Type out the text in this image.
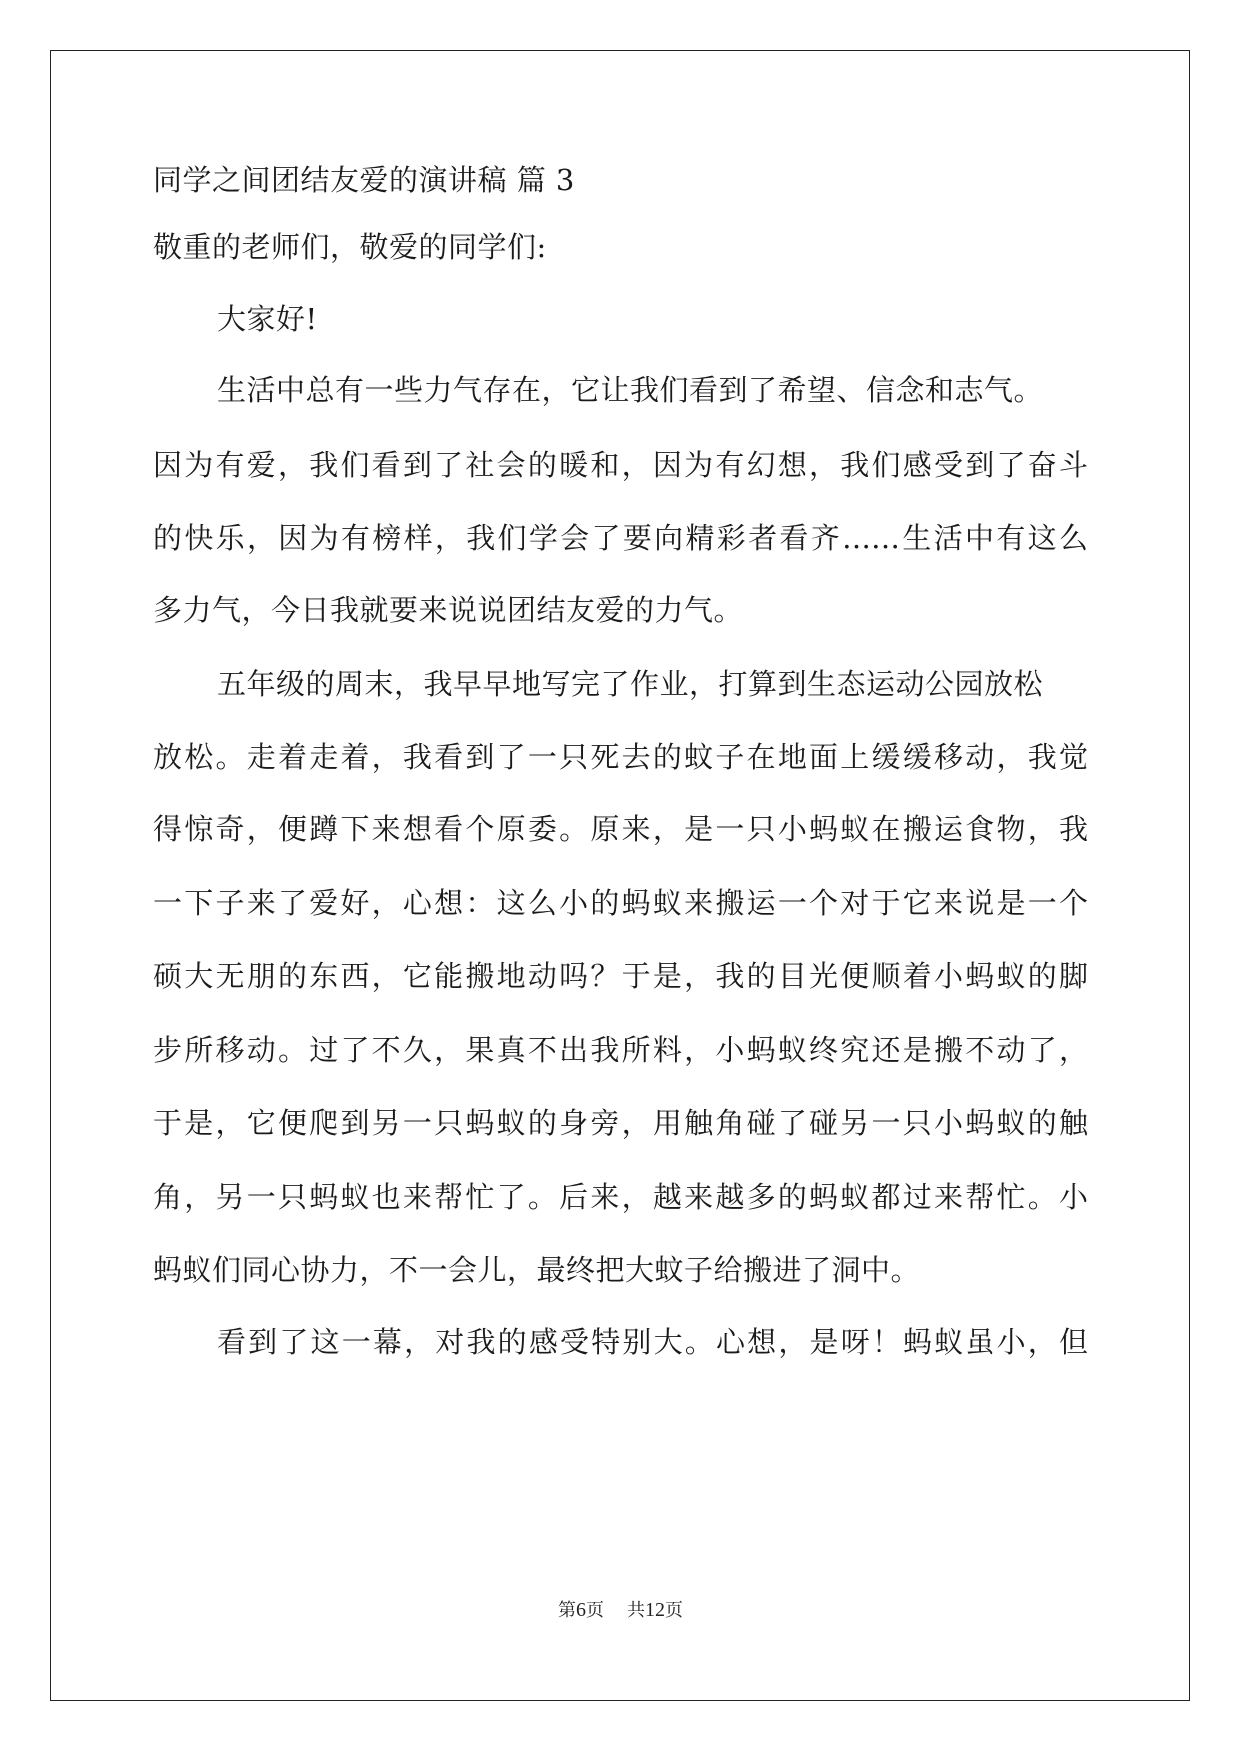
同学之间团结友爱的演讲稿 篇 3
敬重的老师们，敬爱的同学们:
大家好!
生活中总有一些力气存在，它让我们看到了希望、信念和志气。
因为有爱，我们看到了社会的暖和，因为有幻想，我们感受到了奋斗
的快乐，因为有榜样，我们学会了要向精彩者看齐……生活中有这么
多力气，今日我就要来说说团结友爱的力气。
五年级的周末，我早早地写完了作业，打算到生态运动公园放松
放松。走着走着，我看到了一只死去的蚊子在地面上缓缓移动，我觉
得惊奇，便蹲下来想看个原委。原来，是一只小蚂蚁在搬运食物，我
一下子来了爱好，心想：这么小的蚂蚁来搬运一个对于它来说是一个
硕大无朋的东西，它能搬地动吗？于是，我的目光便顺着小蚂蚁的脚
步所移动。过了不久，果真不出我所料，小蚂蚁终究还是搬不动了，
于是，它便爬到另一只蚂蚁的身旁，用触角碰了碰另一只小蚂蚁的触
角，另一只蚂蚁也来帮忙了。后来，越来越多的蚂蚁都过来帮忙。小
蚂蚁们同心协力，不一会儿，最终把大蚊子给搬进了洞中。
看到了这一幕，对我的感受特别大。心想，是呀！蚂蚁虽小，但
第6页 共12页
